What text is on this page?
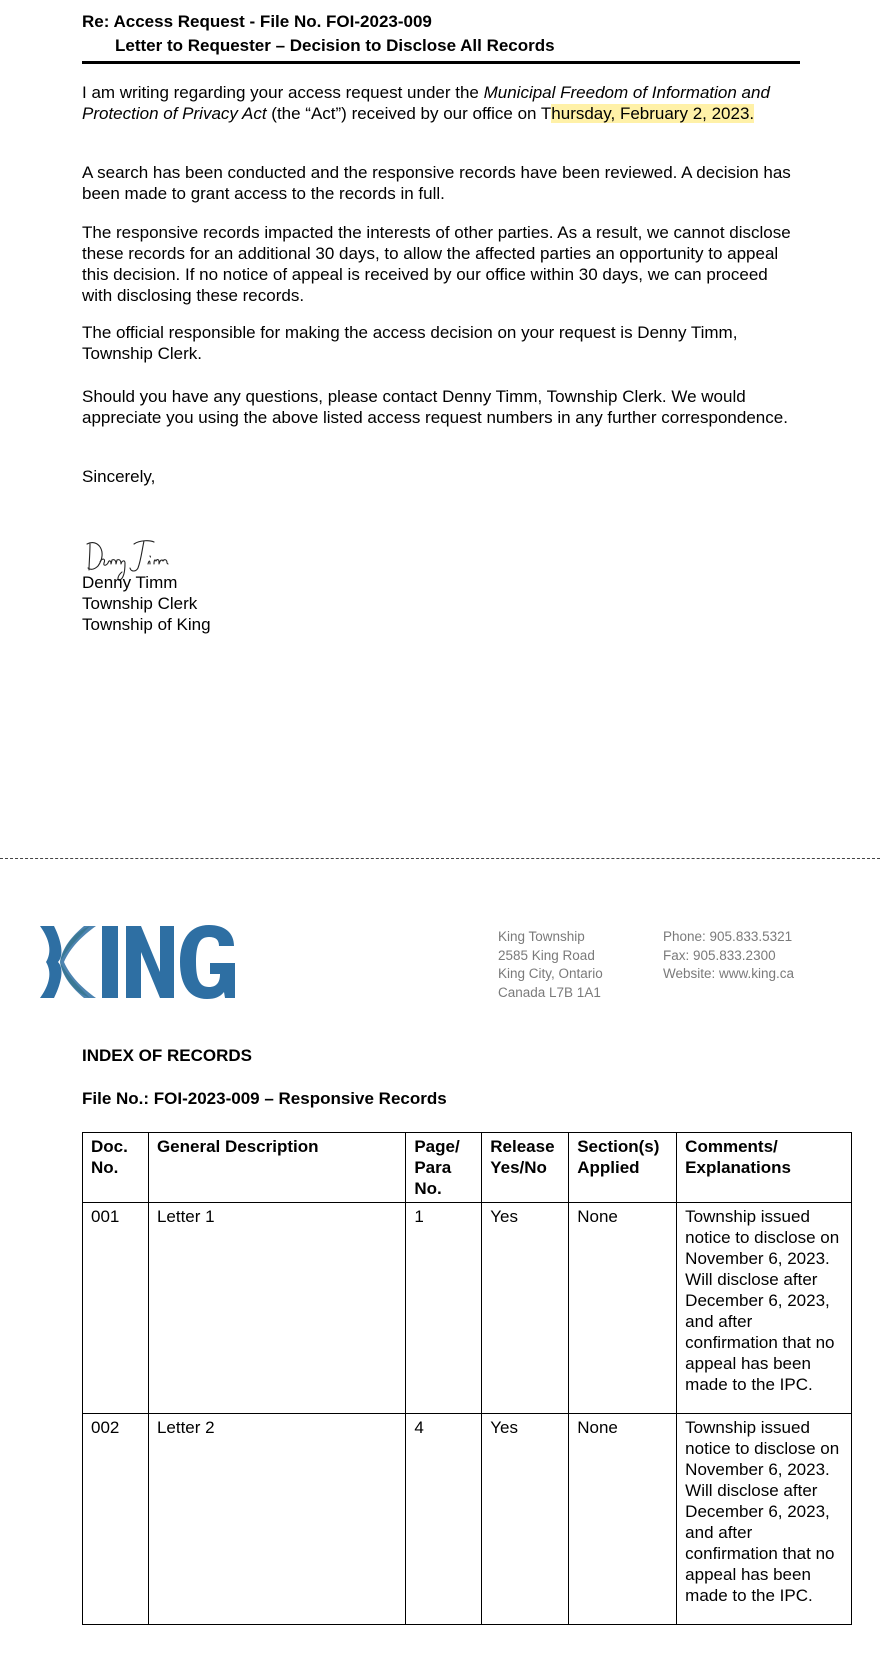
Re: Access Request - File No. FOI-2023-009
Letter to Requester – Decision to Disclose All Records
I am writing regarding your access request under the Municipal Freedom of Information and Protection of Privacy Act (the “Act”) received by our office on Thursday, February 2, 2023.
A search has been conducted and the responsive records have been reviewed. A decision has been made to grant access to the records in full.
The responsive records impacted the interests of other parties. As a result, we cannot disclose these records for an additional 30 days, to allow the affected parties an opportunity to appeal this decision. If no notice of appeal is received by our office within 30 days, we can proceed with disclosing these records.
The official responsible for making the access decision on your request is Denny Timm, Township Clerk.
Should you have any questions, please contact Denny Timm, Township Clerk. We would appreciate you using the above listed access request numbers in any further correspondence.
Sincerely,
Denny Timm
Township Clerk
Township of King
King Township
2585 King Road
King City, Ontario
Canada L7B 1A1
Phone: 905.833.5321
Fax: 905.833.2300
Website: www.king.ca
INDEX OF RECORDS
File No.: FOI-2023-009 – Responsive Records
Doc. No.	General Description	Page/ Para No.	Release Yes/No	Section(s) Applied	Comments/ Explanations
001	Letter 1	1	Yes	None	Township issued notice to disclose on November 6, 2023. Will disclose after December 6, 2023, and after confirmation that no appeal has been made to the IPC.
002	Letter 2	4	Yes	None	Township issued notice to disclose on November 6, 2023. Will disclose after December 6, 2023, and after confirmation that no appeal has been made to the IPC.
